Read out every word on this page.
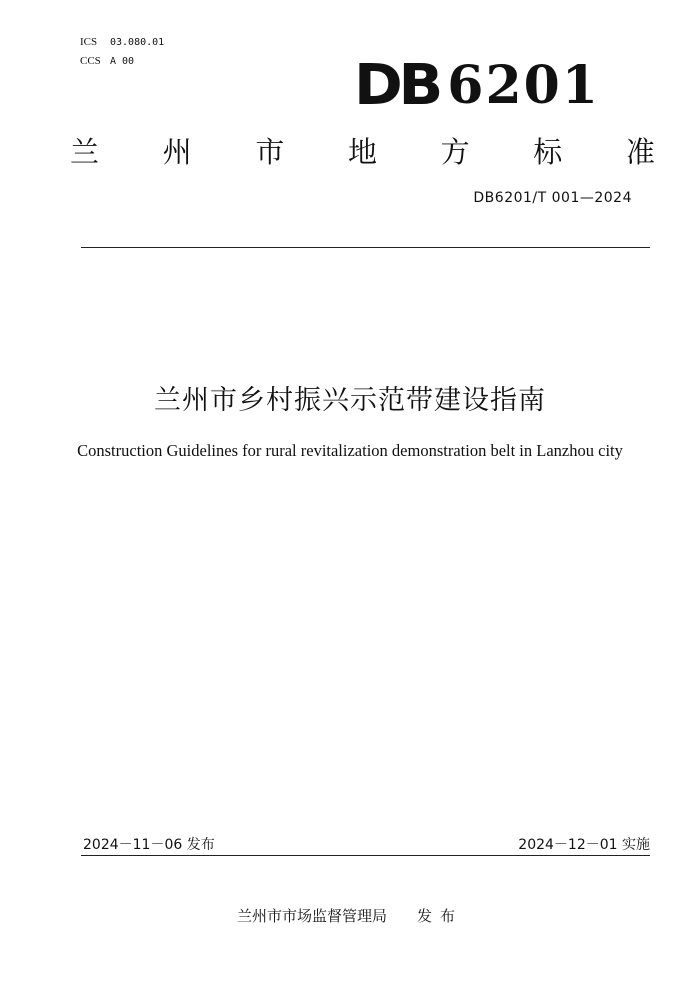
ICS 03.080.01
CCS A 00	DB 6201
兰 州 市 地 方 标 准
DB6201/T 001—2024
兰州市乡村振兴示范带建设指南
Construction Guidelines for rural revitalization demonstration belt in Lanzhou city
2024－11－06 发布	2024－12－01 实施
兰州市市场监督管理局 发布
